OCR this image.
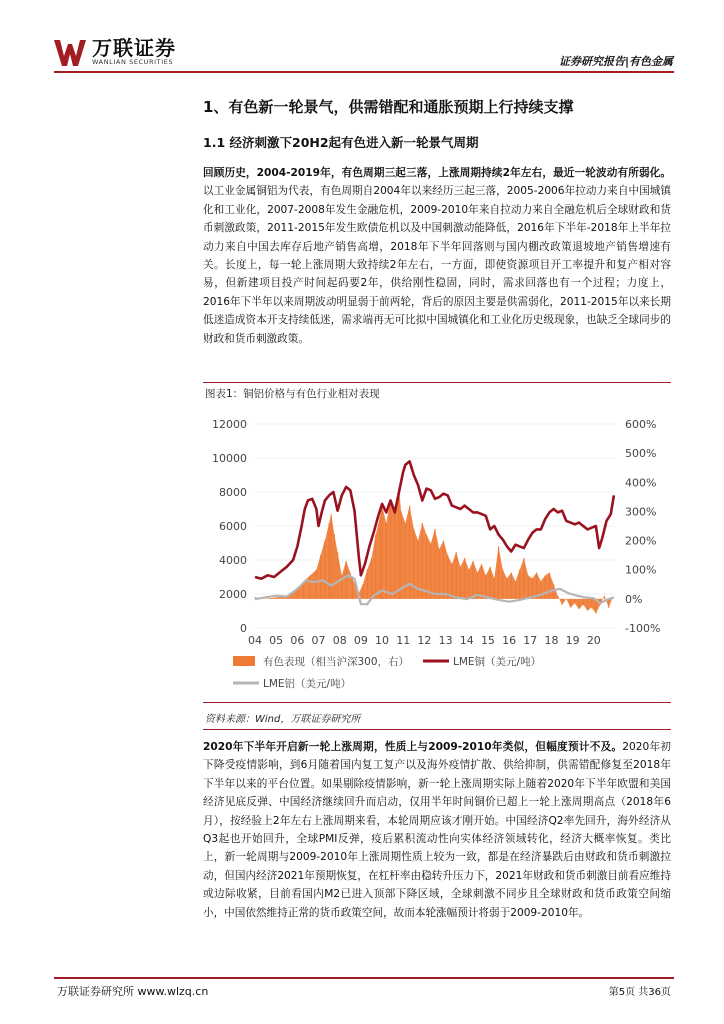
万联证券
WANLIAN SECURITIES	证券研究报告|有色金属
1、有色新一轮景气，供需错配和通胀预期上行持续支撑
1.1 经济刺激下20H2起有色进入新一轮景气周期
回顾历史，2004-2019年，有色周期三起三落，上涨周期持续2年左右，最近一轮波动有所弱化。以工业金属铜铝为代表，有色周期自2004年以来经历三起三落，2005-2006年拉动力来自中国城镇化和工业化，2007-2008年发生金融危机，2009-2010年来自拉动力来自全融危机后全球财政和货币刺激政策，2011-2015年发生欧债危机以及中国刺激动能降低，2016年下半年-2018年上半年拉动力来自中国去库存后地产销售高增，2018年下半年回落则与国内棚改政策退坡地产销售增速有关。长度上，每一轮上涨周期大致持续2年左右，一方面，即使资源项目开工率提升和复产相对容易，但新建项目投产时间起码要2年，供给刚性稳固，同时，需求回落也有一个过程；力度上，2016年下半年以来周期波动明显弱于前两轮，背后的原因主要是供需弱化，2011-2015年以来长期低迷造成资本开支持续低迷，需求端再无可比拟中国城镇化和工业化历史级现象，也缺乏全球同步的财政和货币刺激政策。
图表1：铜铝价格与有色行业相对表现
0
2000
4000
6000
8000
10000
12000
-100%
0%
100%
200%
300%
400%
500%
600%
04 05 06 07 08 09 10 11 12 13 14 15 16 17 18 19 20
有色表现（相当沪深300，右）	LME铜（美元/吨）
LME铝（美元/吨）
资料来源：Wind，万联证券研究所
2020年下半年开启新一轮上涨周期，性质上与2009-2010年类似，但幅度预计不及。2020年初下降受疫情影响，到6月随着国内复工复产以及海外疫情扩散、供给抑制，供需错配修复至2018年下半年以来的平台位置。如果剔除疫情影响，新一轮上涨周期实际上随着2020年下半年欧盟和美国经济见底反弹、中国经济继续回升而启动，仅用半年时间铜价已超上一轮上涨周期高点（2018年6月），按经验上2年左右上涨周期来看，本轮周期应该才刚开始。中国经济Q2率先回升，海外经济从Q3起也开始回升，全球PMI反弹，疫后累积流动性向实体经济领域转化，经济大概率恢复。类比上，新一轮周期与2009-2010年上涨周期性质上较为一致，都是在经济暴跌后由财政和货币刺激拉动，但国内经济2021年预期恢复，在杠杆率由稳转升压力下，2021年财政和货币刺激目前看应维持或边际收紧，目前看国内M2已进入顶部下降区域，全球刺激不同步且全球财政和货币政策空间缩小，中国依然维持正常的货币政策空间，故而本轮涨幅预计将弱于2009-2010年。
万联证券研究所 www.wlzq.cn	第5页 共36页
